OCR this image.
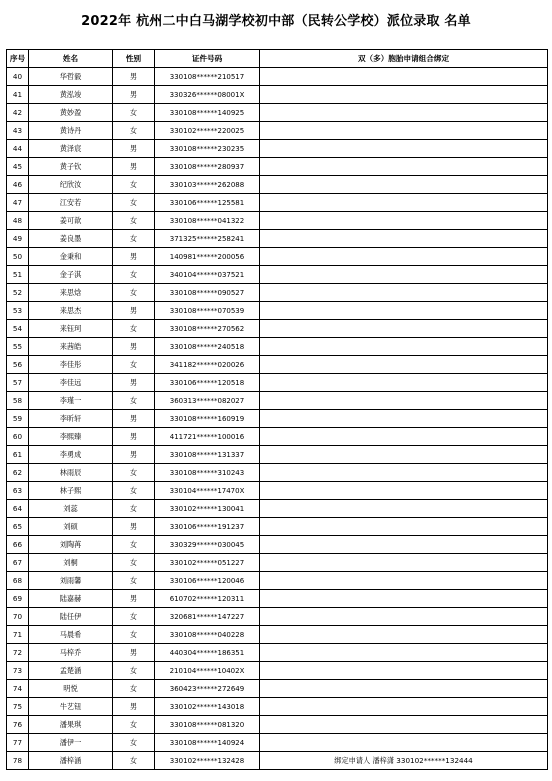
2022年 杭州二中白马湖学校初中部（民转公学校）派位录取 名单
序号	姓名	性别	证件号码	双（多）胞胎申请组合绑定
40	华哲毅	男	330108******210517	
41	黄泓竣	男	330326******08001X	
42	黄妙盈	女	330108******140925	
43	黄诗丹	女	330102******220025	
44	黄泽宸	男	330108******230235	
45	黄子钦	男	330108******280937	
46	纪欣汝	女	330103******262088	
47	江安若	女	330106******125581	
48	姜可歆	女	330108******041322	
49	姜良墨	女	371325******258241	
50	金秉和	男	140981******200056	
51	金子淇	女	340104******037521	
52	来思焓	女	330108******090527	
53	来思杰	男	330108******070539	
54	来钰珂	女	330108******270562	
55	来茜皓	男	330108******240518	
56	李佳彤	女	341182******020026	
57	李佳远	男	330106******120518	
58	李瑾一	女	360313******082027	
59	李昕轩	男	330108******160919	
60	李熙臻	男	411721******100016	
61	李勇成	男	330108******131337	
62	林雨辰	女	330108******310243	
63	林子熙	女	330104******17470X	
64	刘蕊	女	330102******130041	
65	刘硕	男	330106******191237	
66	刘陶苒	女	330329******030045	
67	刘桐	女	330102******051227	
68	刘雨馨	女	330106******120046	
69	陆嘉赫	男	610702******120311	
70	陆任伊	女	320681******147227	
71	马晨希	女	330108******040228	
72	马梓乔	男	440304******186351	
73	孟楚涵	女	210104******10402X	
74	明悦	女	360423******272649	
75	牛艺钮	男	330102******143018	
76	潘果琪	女	330108******081320	
77	潘伊一	女	330108******140924	
78	潘梓涵	女	330102******132428	绑定申请人 潘梓潇 330102******132444
